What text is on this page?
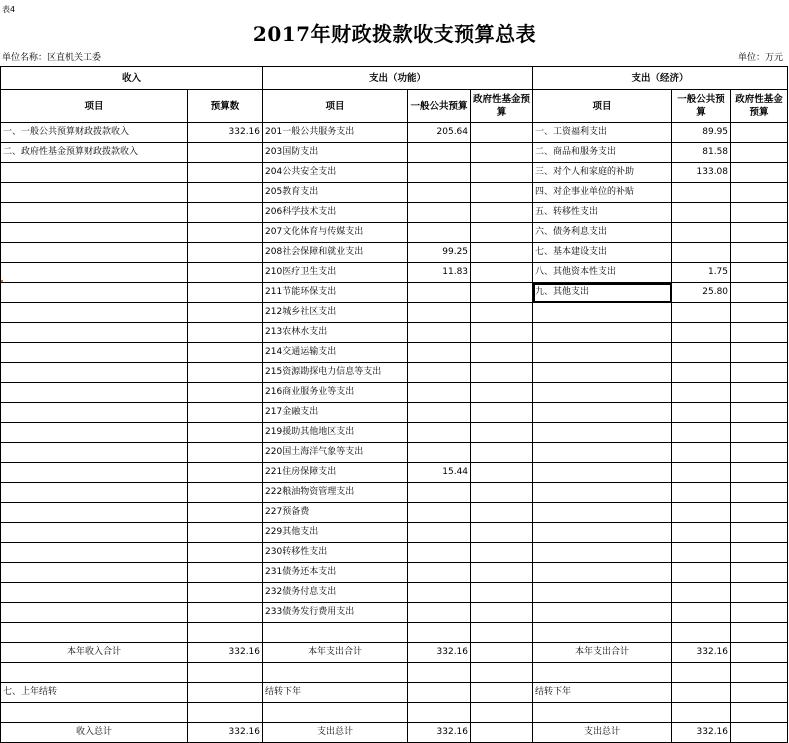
表4
2017年财政拨款收支预算总表
单位名称：区直机关工委	单位：万元
收入		支出（功能）			支出（经济）		
项目	预算数	项目	一般公共预算	政府性基金预算	项目	一般公共预算	政府性基金预算
一、一般公共预算财政拨款收入	332.16	201一般公共服务支出	205.64		一、工资福利支出	89.95	
二、政府性基金预算财政拨款收入		203国防支出			二、商品和服务支出	81.58	
		204公共安全支出			三、对个人和家庭的补助	133.08	
		205教育支出			四、对企事业单位的补贴		
		206科学技术支出			五、转移性支出		
		207文化体育与传媒支出			六、债务利息支出		
		208社会保障和就业支出	99.25		七、基本建设支出		
		210医疗卫生支出	11.83		八、其他资本性支出	1.75	
		211节能环保支出			九、其他支出	25.80	
		212城乡社区支出					
		213农林水支出					
		214交通运输支出					
		215资源勘探电力信息等支出					
		216商业服务业等支出					
		217金融支出					
		219援助其他地区支出					
		220国土海洋气象等支出					
		221住房保障支出	15.44				
		222粮油物资管理支出					
		227预备费					
		229其他支出					
		230转移性支出					
		231债务还本支出					
		232债务付息支出					
		233债务发行费用支出					

本年收入合计	332.16	本年支出合计	332.16		本年支出合计	332.16	

七、上年结转		结转下年			结转下年		

收入总计	332.16	支出总计	332.16		支出总计	332.16	
